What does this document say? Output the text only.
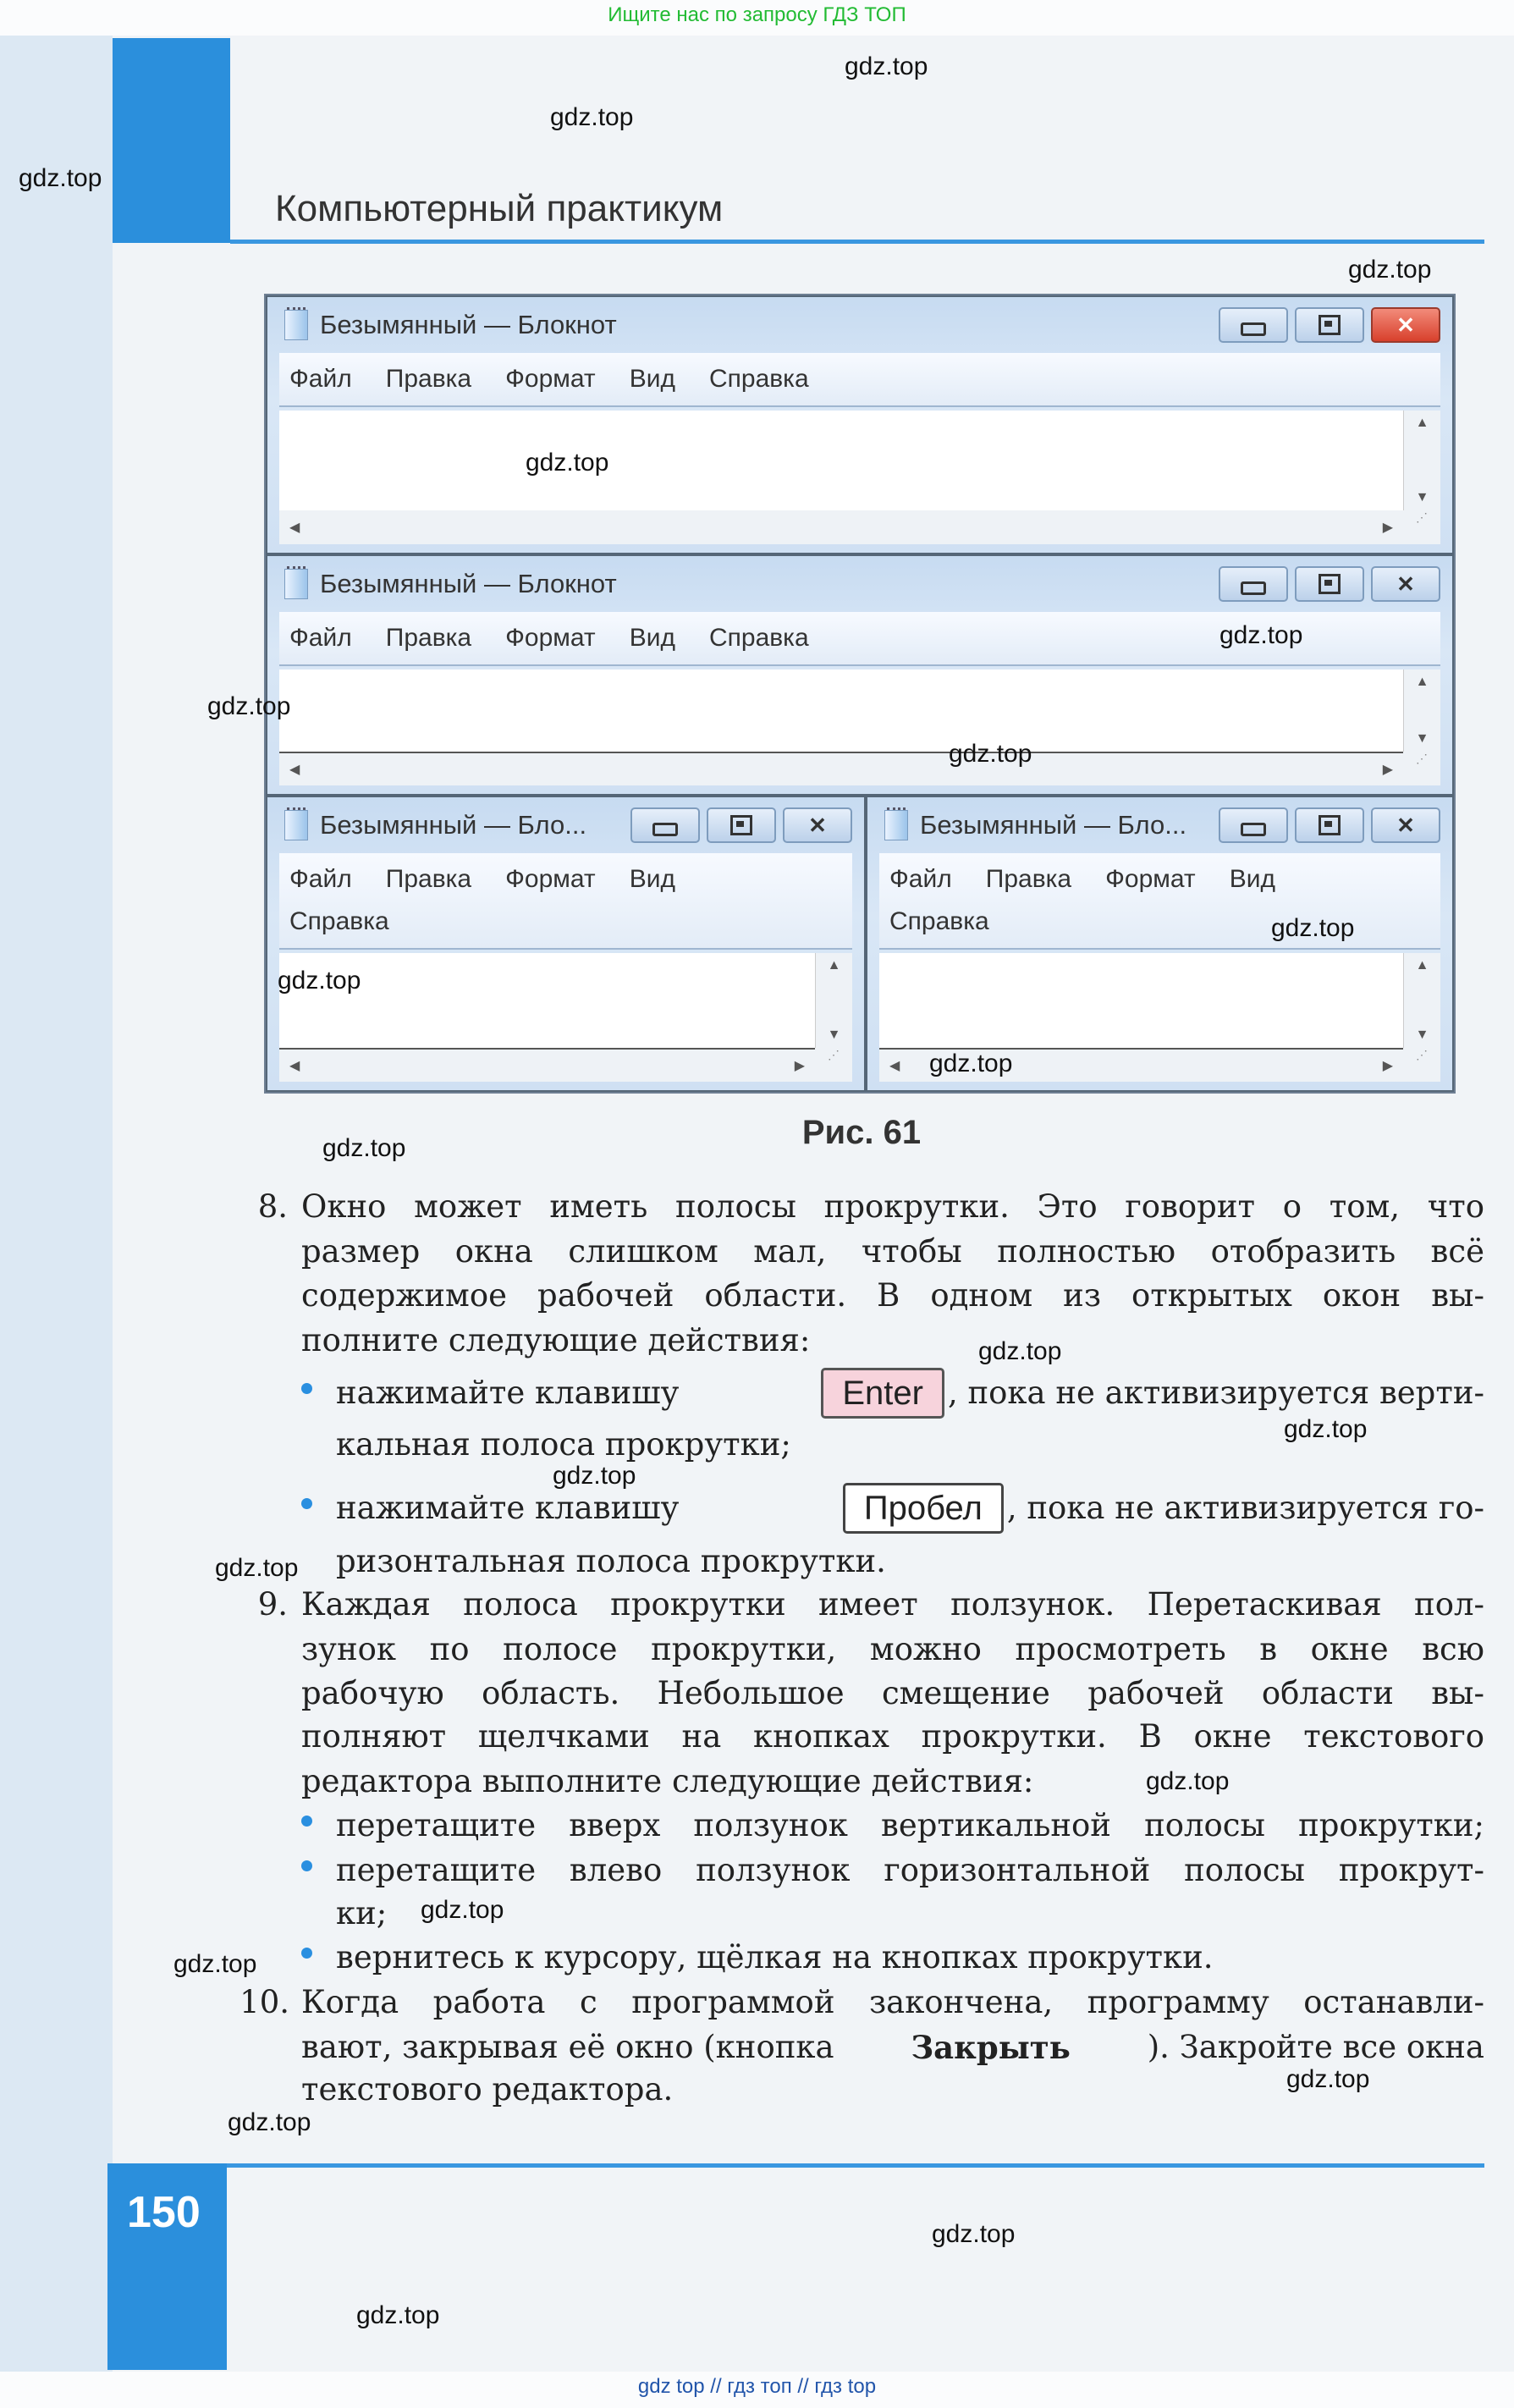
Ищите нас по запросу ГДЗ ТОП
Компьютерный практикум
Безымянный — Блокнот	✕
Файл Правка Формат Вид Справка
▲
▼
◀	▶
⋰
Безымянный — Блокнот	✕
Файл Правка Формат Вид Справка
▲
▼
◀	▶
⋰
Безымянный — Бло...	✕
Файл Правка Формат Вид
Справка
▲
▼
◀	▶
⋰
Безымянный — Бло...	✕
Файл Правка Формат Вид
Справка
▲
▼
◀	▶
⋰
Рис. 61
8. Окно может иметь полосы прокрутки. Это говорит о том, что
размер окна слишком мал, чтобы полностью отобразить всё
содержимое рабочей области. В одном из открытых окон вы-
полните следующие действия:
нажимайте клавишу	Enter , пока не активизируется верти-
кальная полоса прокрутки;
нажимайте клавишу	Пробел , пока не активизируется го-
ризонтальная полоса прокрутки.
9. Каждая полоса прокрутки имеет ползунок. Перетаскивая пол-
зунок по полосе прокрутки, можно просмотреть в окне всю
рабочую область. Небольшое смещение рабочей области вы-
полняют щелчками на кнопках прокрутки. В окне текстового
редактора выполните следующие действия:
перетащите вверх ползунок вертикальной полосы прокрутки;
перетащите влево ползунок горизонтальной полосы прокрут-
ки;
вернитесь к курсору, щёлкая на кнопках прокрутки.
10. Когда работа с программой закончена, программу останавли-
вают, закрывая её окно (кнопка Закрыть ). Закройте все окна
текстового редактора.
150
gdz.top
gdz.top
gdz.top
gdz.top
gdz.top
gdz.top
gdz.top
gdz.top
gdz.top
gdz.top
gdz.top
gdz.top
gdz.top
gdz.top
gdz.top
gdz.top
gdz.top
gdz.top
gdz.top
gdz.top
gdz.top
gdz.top
gdz.top
gdz top // гдз топ // гдз top
